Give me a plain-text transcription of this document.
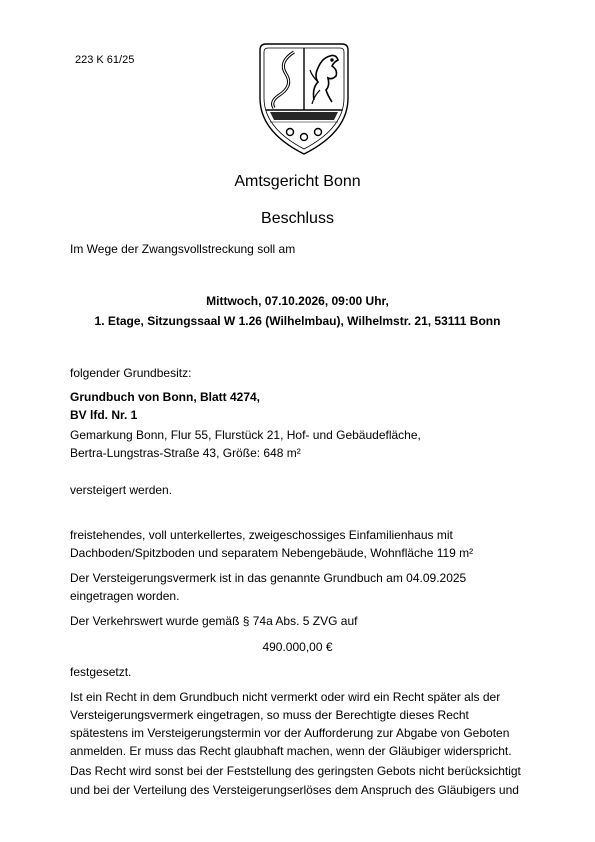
223 K 61/25
Amtsgericht Bonn
Beschluss
Im Wege der Zwangsvollstreckung soll am
Mittwoch, 07.10.2026, 09:00 Uhr,
1. Etage, Sitzungssaal W 1.26 (Wilhelmbau), Wilhelmstr. 21, 53111 Bonn
folgender Grundbesitz:
Grundbuch von Bonn, Blatt 4274,
BV lfd. Nr. 1
Gemarkung Bonn, Flur 55, Flurstück 21, Hof- und Gebäudefläche,
Bertra-Lungstras-Straße 43, Größe: 648 m²
versteigert werden.
freistehendes, voll unterkellertes, zweigeschossiges Einfamilienhaus mit
Dachboden/Spitzboden und separatem Nebengebäude, Wohnfläche 119 m²
Der Versteigerungsvermerk ist in das genannte Grundbuch am 04.09.2025
eingetragen worden.
Der Verkehrswert wurde gemäß § 74a Abs. 5 ZVG auf
490.000,00 €
festgesetzt.
Ist ein Recht in dem Grundbuch nicht vermerkt oder wird ein Recht später als der
Versteigerungsvermerk eingetragen, so muss der Berechtigte dieses Recht
spätestens im Versteigerungstermin vor der Aufforderung zur Abgabe von Geboten
anmelden. Er muss das Recht glaubhaft machen, wenn der Gläubiger widerspricht.
Das Recht wird sonst bei der Feststellung des geringsten Gebots nicht berücksichtigt
und bei der Verteilung des Versteigerungserlöses dem Anspruch des Gläubigers und
